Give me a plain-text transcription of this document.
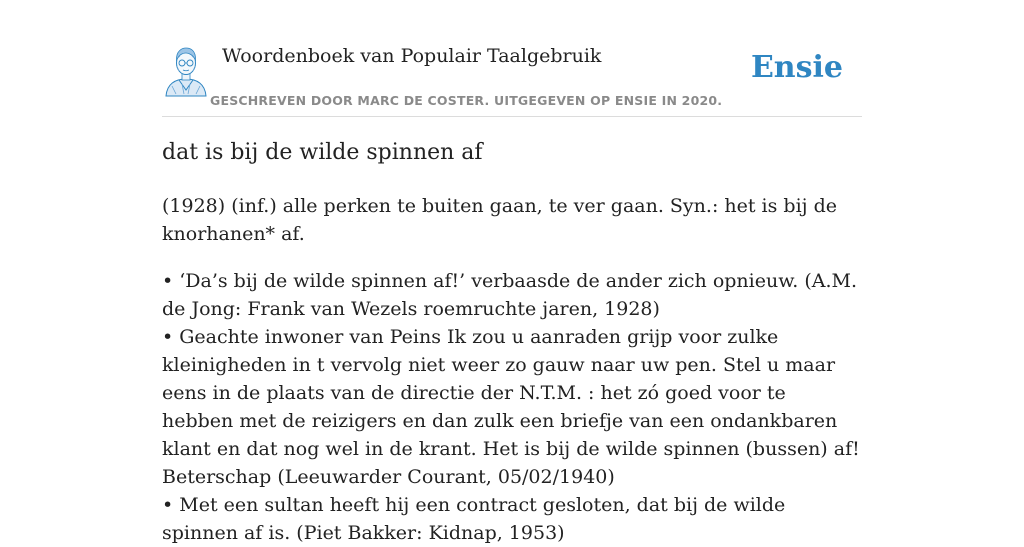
Woordenboek van Populair Taalgebruik
GESCHREVEN DOOR MARC DE COSTER. UITGEGEVEN OP ENSIE IN 2020.
Ensie
dat is bij de wilde spinnen af
(1928) (inf.) alle perken te buiten gaan, te ver gaan. Syn.: het is bij de knorhanen* af.
• ‘Da’s bij de wilde spinnen af!’ verbaasde de ander zich opnieuw. (A.M. de Jong: Frank van Wezels roemruchte jaren, 1928)
• Geachte inwoner van Peins Ik zou u aanraden grijp voor zulke kleinigheden in t vervolg niet weer zo gauw naar uw pen. Stel u maar eens in de plaats van de directie der N.T.M. : het zó goed voor te hebben met de reizigers en dan zulk een briefje van een ondankbaren klant en dat nog wel in de krant. Het is bij de wilde spinnen (bussen) af! Beterschap (Leeuwarder Courant, 05/02/1940)
• Met een sultan heeft hij een contract gesloten, dat bij de wilde spinnen af is. (Piet Bakker: Kidnap, 1953)
